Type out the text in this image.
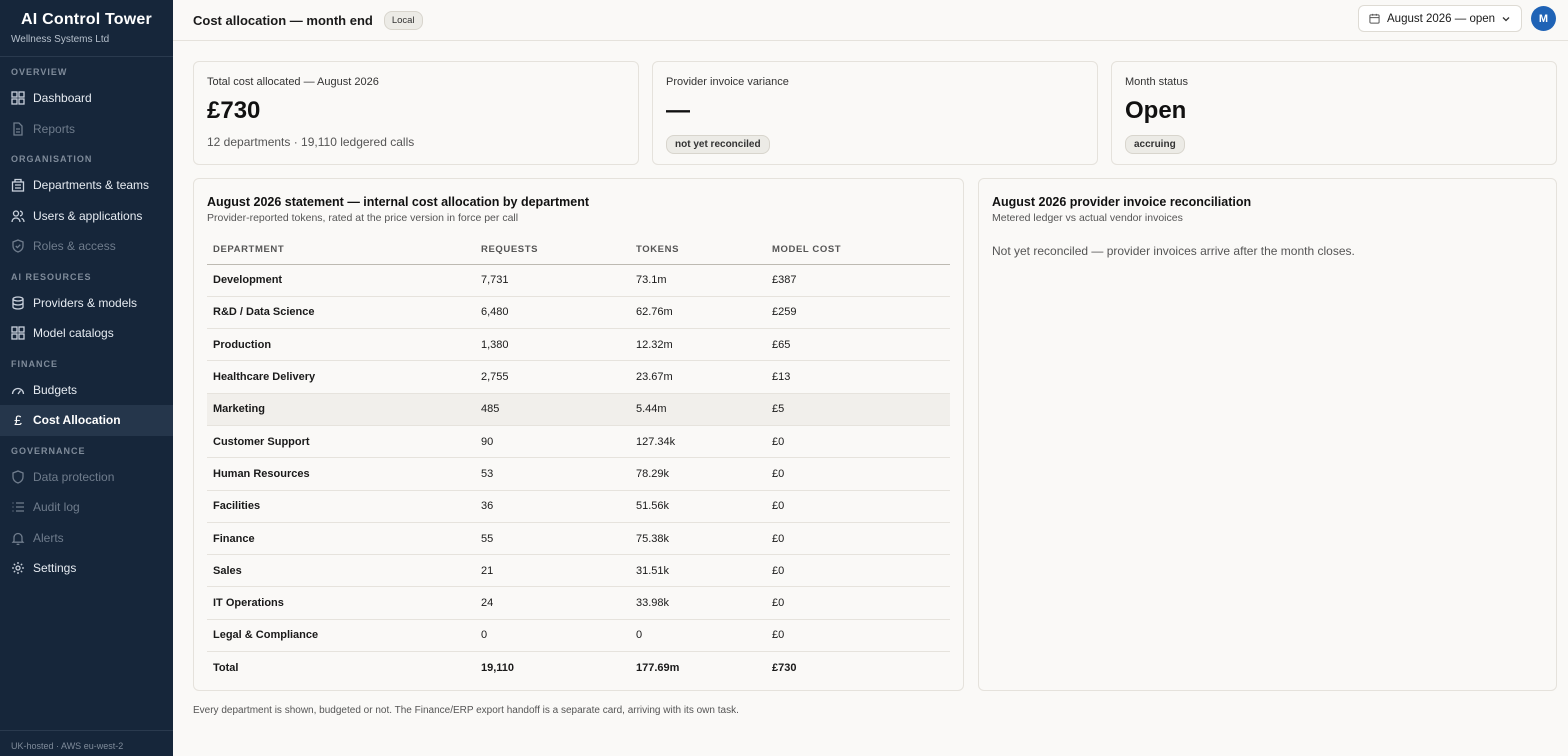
AI Control Tower
Wellness Systems Ltd
OVERVIEW
Dashboard
Reports
ORGANISATION
Departments & teams
Users & applications
Roles & access
AI RESOURCES
Providers & models
Model catalogs
FINANCE
Budgets
£ Cost Allocation
GOVERNANCE
Data protection
Audit log
Alerts
Settings
UK-hosted · AWS eu-west-2
Cost allocation — month end	Local	August 2026 — open	M
Total cost allocated — August 2026
£730
12 departments · 19,110 ledgered calls
Provider invoice variance
—
not yet reconciled
Month status
Open
accruing
August 2026 statement — internal cost allocation by department
Provider-reported tokens, rated at the price version in force per call
DEPARTMENT	REQUESTS	TOKENS	MODEL COST
Development	7,731	73.1m	£387
R&D / Data Science	6,480	62.76m	£259
Production	1,380	12.32m	£65
Healthcare Delivery	2,755	23.67m	£13
Marketing	485	5.44m	£5
Customer Support	90	127.34k	£0
Human Resources	53	78.29k	£0
Facilities	36	51.56k	£0
Finance	55	75.38k	£0
Sales	21	31.51k	£0
IT Operations	24	33.98k	£0
Legal & Compliance	0	0	£0
Total	19,110	177.69m	£730
August 2026 provider invoice reconciliation
Metered ledger vs actual vendor invoices
Not yet reconciled — provider invoices arrive after the month closes.
Every department is shown, budgeted or not. The Finance/ERP export handoff is a separate card, arriving with its own task.
